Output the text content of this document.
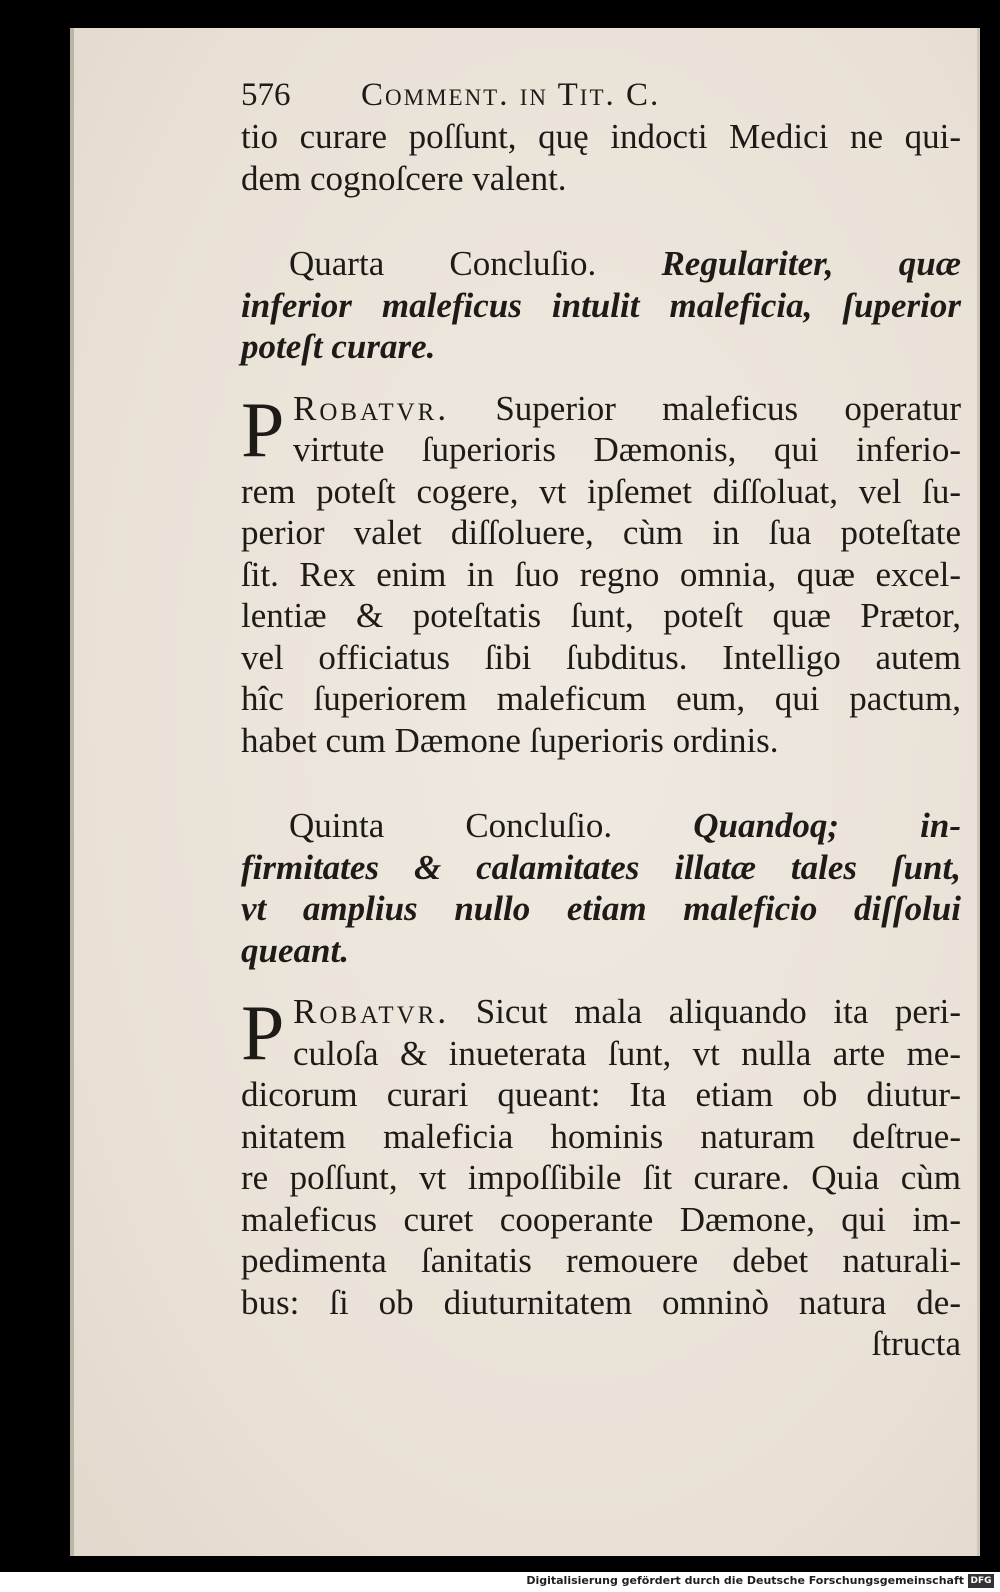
576 Comment. in Tit. C.
tio curare poſſunt, quę indocti Medici ne qui-
dem cognoſcere valent.
Quarta Concluſio. Regulariter, quæ
inferior maleficus intulit maleficia, ſuperior
poteſt curare.
P Robatvr. Superior maleficus operatur
virtute ſuperioris Dæmonis, qui inferio-
rem poteſt cogere, vt ipſemet diſſoluat, vel ſu-
perior valet diſſoluere, cùm in ſua poteſtate
ſit. Rex enim in ſuo regno omnia, quæ excel-
lentiæ & poteſtatis ſunt, poteſt quæ Prætor,
vel officiatus ſibi ſubditus. Intelligo autem
hîc ſuperiorem maleficum eum, qui pactum,
habet cum Dæmone ſuperioris ordinis.
Quinta Concluſio. Quandoq; in-
firmitates & calamitates illatæ tales ſunt,
vt amplius nullo etiam maleficio diſſolui
queant.
P Robatvr. Sicut mala aliquando ita peri-
culoſa & inueterata ſunt, vt nulla arte me-
dicorum curari queant: Ita etiam ob diutur-
nitatem maleficia hominis naturam deſtrue-
re poſſunt, vt impoſſibile ſit curare. Quia cùm
maleficus curet cooperante Dæmone, qui im-
pedimenta ſanitatis remouere debet naturali-
bus: ſi ob diuturnitatem omninò natura de-
ſtructa
Digitalisierung gefördert durch die Deutsche Forschungsgemeinschaft DFG
